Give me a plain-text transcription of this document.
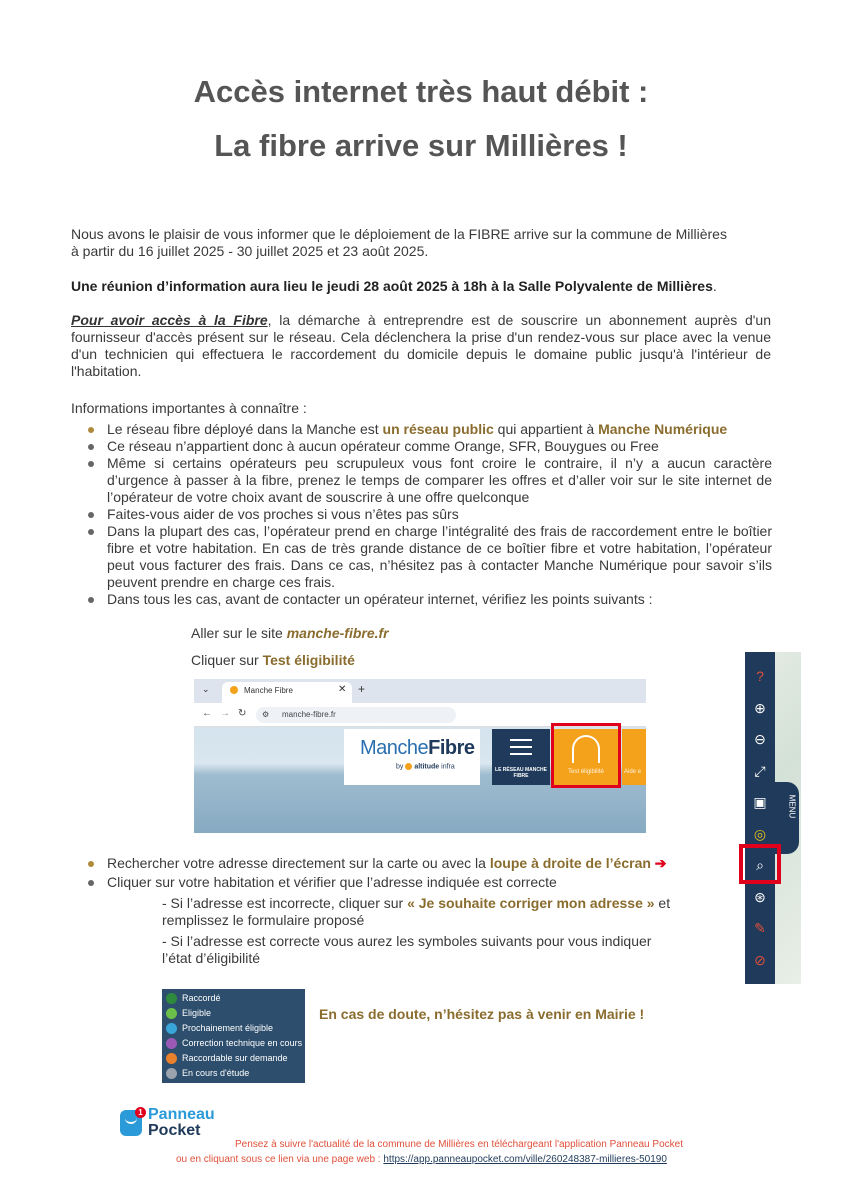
Accès internet très haut débit :
La fibre arrive sur Millières !
Nous avons le plaisir de vous informer que le déploiement de la FIBRE arrive sur la commune de Millières
à partir du 16 juillet 2025 - 30 juillet 2025 et 23 août 2025.
Une réunion d’information aura lieu le jeudi 28 août 2025 à 18h à la Salle Polyvalente de Millières.
Pour avoir accès à la Fibre, la démarche à entreprendre est de souscrire un abonnement auprès d'un fournisseur d'accès présent sur le réseau. Cela déclenchera la prise d'un rendez-vous sur place avec la venue d'un technicien qui effectuera le raccordement du domicile depuis le domaine public jusqu'à l'intérieur de l'habitation.
Informations importantes à connaître :
Le réseau fibre déployé dans la Manche est un réseau public qui appartient à Manche Numérique
Ce réseau n’appartient donc à aucun opérateur comme Orange, SFR, Bouygues ou Free
Même si certains opérateurs peu scrupuleux vous font croire le contraire, il n’y a aucun caractère d’urgence à passer à la fibre, prenez le temps de comparer les offres et d’aller voir sur le site internet de l’opérateur de votre choix avant de souscrire à une offre quelconque
Faites-vous aider de vos proches si vous n’êtes pas sûrs
Dans la plupart des cas, l’opérateur prend en charge l’intégralité des frais de raccordement entre le boîtier fibre et votre habitation. En cas de très grande distance de ce boîtier fibre et votre habitation, l’opérateur peut vous facturer des frais. Dans ce cas, n’hésitez pas à contacter Manche Numérique pour savoir s’ils peuvent prendre en charge ces frais.
Dans tous les cas, avant de contacter un opérateur internet, vérifiez les points suivants :
Aller sur le site manche-fibre.fr
Cliquer sur Test éligibilité
⌄	Manche Fibre	✕ +
← → ↻ ⚙ manche-fibre.fr
MancheFibre
by altitude infra	LE RÉSEAU MANCHE FIBRE
Test éligibilité	Aide e
MENU
?
⊕
⊖
⤢
▣
◎
⌕
⊛
✎
⊘
Rechercher votre adresse directement sur la carte ou avec la loupe à droite de l’écran ➔
Cliquer sur votre habitation et vérifier que l’adresse indiquée est correcte
- Si l’adresse est incorrecte, cliquer sur « Je souhaite corriger mon adresse » et
remplissez le formulaire proposé
- Si l’adresse est correcte vous aurez les symboles suivants pour vous indiquer
l’état d’éligibilité
Raccordé
Eligible
Prochainement éligible
Correction technique en cours
Raccordable sur demande
En cours d'étude
En cas de doute, n’hésitez pas à venir en Mairie !
1 Panneau
Pocket
Pensez à suivre l'actualité de la commune de Millières en téléchargeant l'application Panneau Pocket
ou en cliquant sous ce lien via une page web : https://app.panneaupocket.com/ville/260248387-millieres-50190
